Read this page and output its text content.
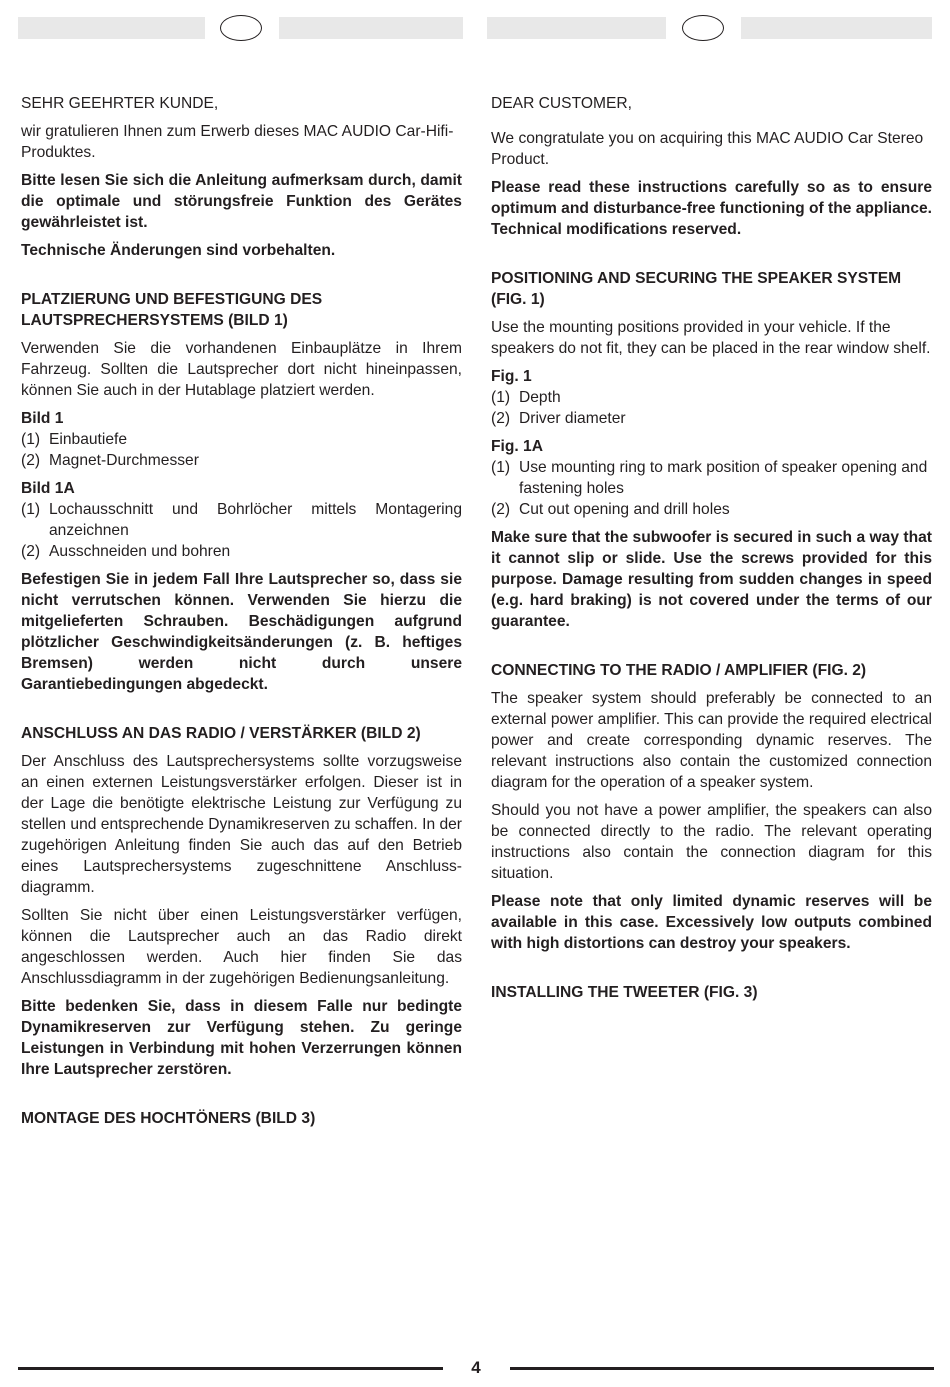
SEHR GEEHRTER KUNDE,

wir gratulieren Ihnen zum Erwerb dieses MAC AUDIO Car-Hifi-Produktes.

Bitte lesen Sie sich die Anleitung aufmerksam durch, damit die optimale und störungsfreie Funktion des Gerätes gewährleistet ist.

Technische Änderungen sind vorbehalten.

PLATZIERUNG UND BEFESTIGUNG DES LAUTSPRECHERSYSTEMS (BILD 1)

Verwenden Sie die vorhandenen Einbauplätze in Ihrem Fahrzeug. Sollten die Lautsprecher dort nicht hineinpassen, können Sie auch in der Hutablage platziert werden.

Bild 1

(1) Einbautiefe
(2) Magnet-Durchmesser

Bild 1A

(1) Lochausschnitt und Bohrlöcher mittels Montagering anzeichnen
(2) Ausschneiden und bohren

Befestigen Sie in jedem Fall Ihre Lautsprecher so, dass sie nicht verrutschen können. Verwenden Sie hierzu die mitgelieferten Schrauben. Beschädigungen aufgrund plötzlicher Geschwindigkeitsänderungen (z. B. heftiges Bremsen) werden nicht durch unsere Garantiebedingungen abgedeckt.

ANSCHLUSS AN DAS RADIO / VERSTÄRKER (BILD 2)

Der Anschluss des Lautsprechersystems sollte vorzugsweise an einen externen Leistungsverstärker erfolgen. Dieser ist in der Lage die benötigte elektrische Leistung zur Verfügung zu stellen und entsprechende Dynamikreserven zu schaffen. In der zugehörigen Anleitung finden Sie auch das auf den Betrieb eines Lautsprechersystems zugeschnittene Anschluss-diagramm.

Sollten Sie nicht über einen Leistungsverstärker verfügen, können die Lautsprecher auch an das Radio direkt angeschlossen werden. Auch hier finden Sie das Anschlussdiagramm in der zugehörigen Bedienungsanleitung.

Bitte bedenken Sie, dass in diesem Falle nur bedingte Dynamikreserven zur Verfügung stehen. Zu geringe Leistungen in Verbindung mit hohen Verzerrungen können Ihre Lautsprecher zerstören.

MONTAGE DES HOCHTÖNERS (BILD 3)

DEAR CUSTOMER,

We congratulate you on acquiring this MAC AUDIO Car Stereo Product.

Please read these instructions carefully so as to ensure optimum and disturbance-free functioning of the appliance. Technical modifications reserved.

POSITIONING AND SECURING THE SPEAKER SYSTEM (FIG. 1)

Use the mounting positions provided in your vehicle. If the speakers do not fit, they can be placed in the rear window shelf.

Fig. 1

(1) Depth
(2) Driver diameter

Fig. 1A

(1) Use mounting ring to mark position of speaker opening and fastening holes
(2) Cut out opening and drill holes

Make sure that the subwoofer is secured in such a way that it cannot slip or slide. Use the screws provided for this purpose. Damage resulting from sudden changes in speed (e.g. hard braking) is not covered under the terms of our guarantee.

CONNECTING TO THE RADIO / AMPLIFIER (FIG. 2)

The speaker system should preferably be connected to an external power amplifier. This can provide the required electrical power and create corresponding dynamic reserves. The relevant instructions also contain the customized connection diagram for the operation of a speaker system.

Should you not have a power amplifier, the speakers can also be connected directly to the radio. The relevant operating instructions also contain the connection diagram for this situation.

Please note that only limited dynamic reserves will be available in this case. Excessively low outputs combined with high distortions can destroy your speakers.

INSTALLING THE TWEETER (FIG. 3)

4
